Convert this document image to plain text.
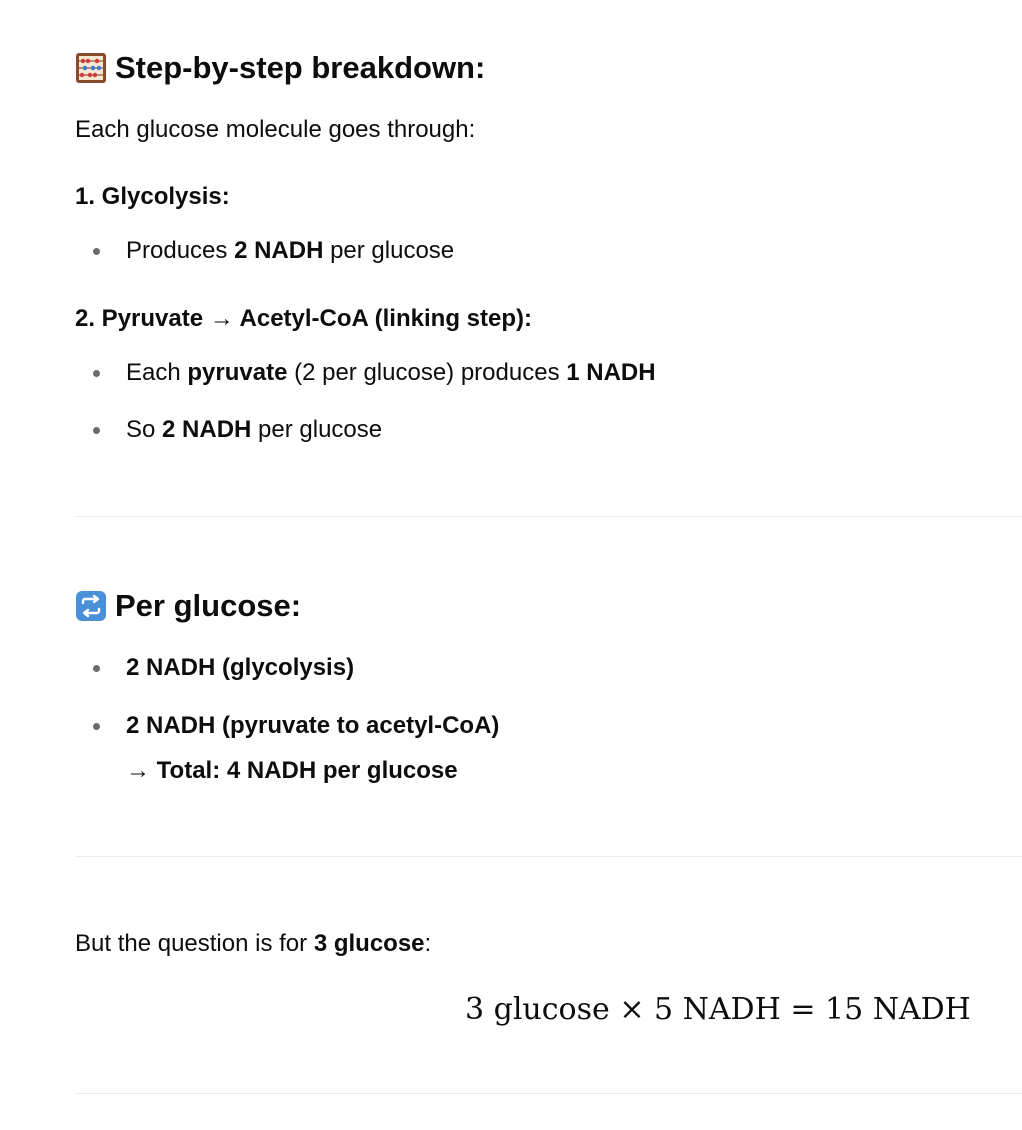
Step-by-step breakdown:
Each glucose molecule goes through:
1. Glycolysis:
Produces 2 NADH per glucose
2. Pyruvate → Acetyl-CoA (linking step):
Each pyruvate (2 per glucose) produces 1 NADH
So 2 NADH per glucose
Per glucose:
2 NADH (glycolysis)
2 NADH (pyruvate to acetyl-CoA)
→ Total: 4 NADH per glucose
But the question is for 3 glucose:
3 glucose × 5 NADH = 15 NADH
